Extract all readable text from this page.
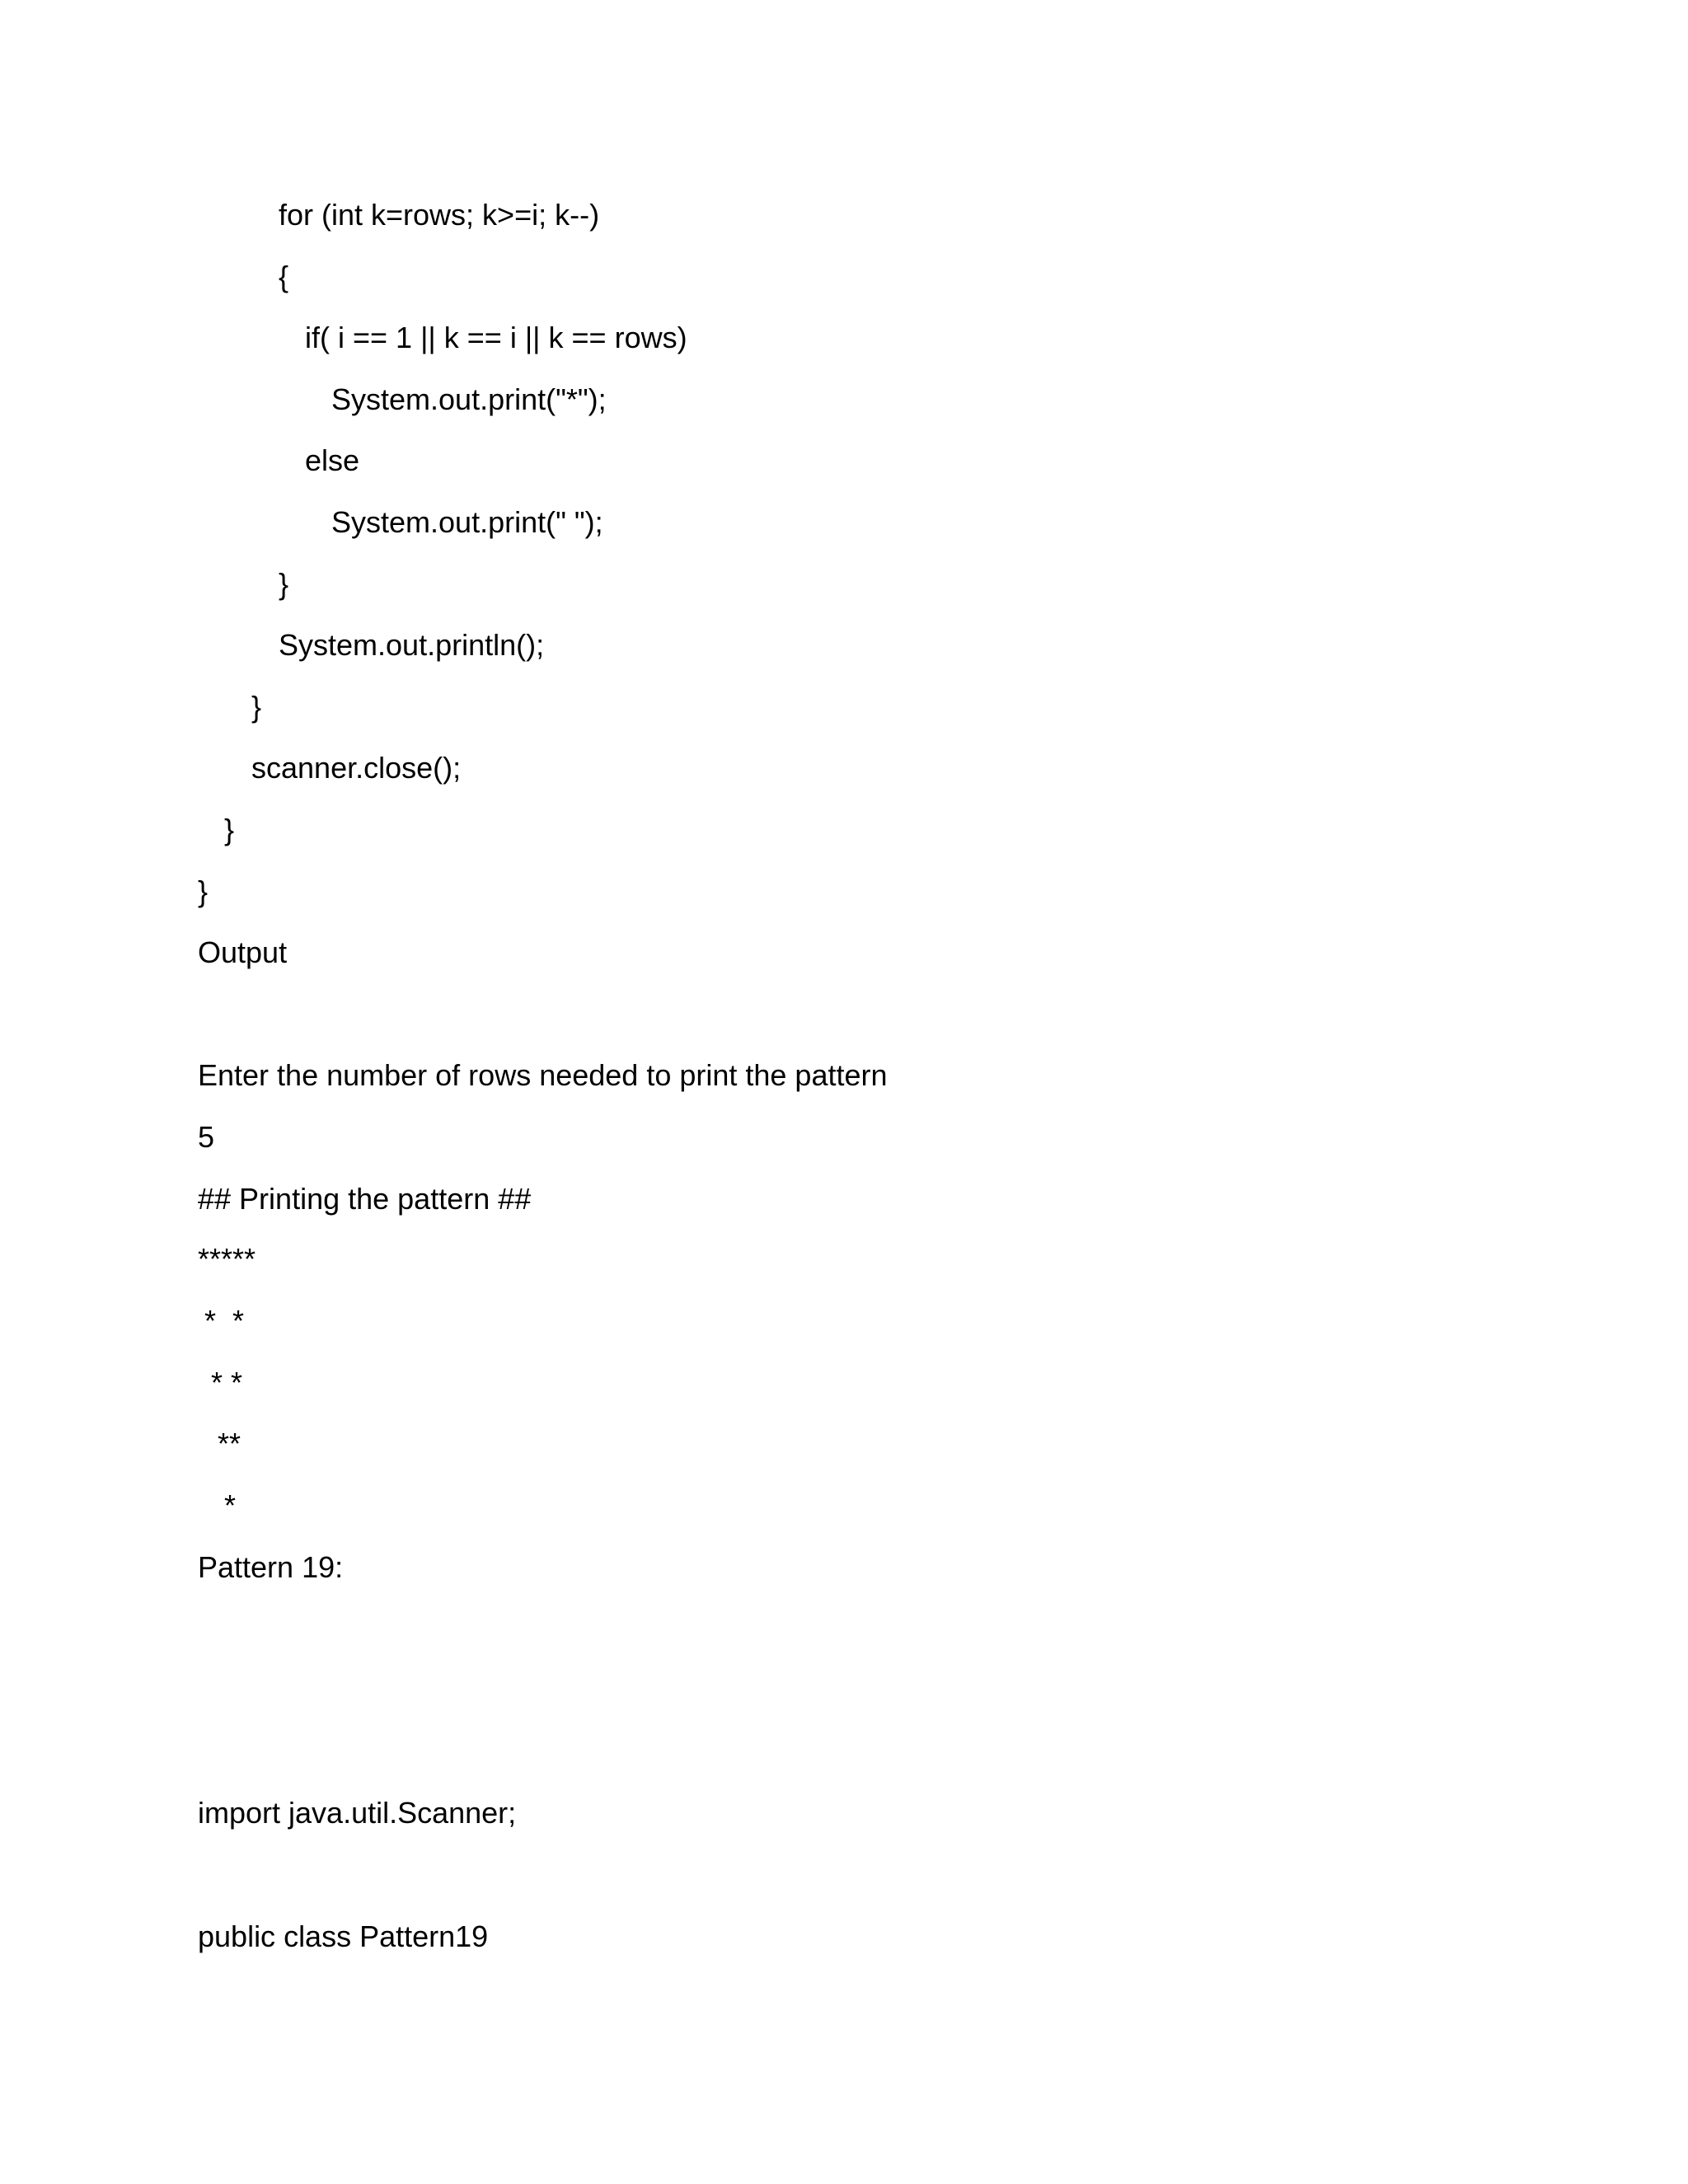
for (int k=rows; k>=i; k--)

{

if( i == 1 || k == i || k == rows)

System.out.print("*");

else

System.out.print(" ");

}

System.out.println();

}

scanner.close();

}

}

Output

Enter the number of rows needed to print the pattern

5

## Printing the pattern ##

*****

*  *

* *

**

*

Pattern 19:

import java.util.Scanner;

public class Pattern19
